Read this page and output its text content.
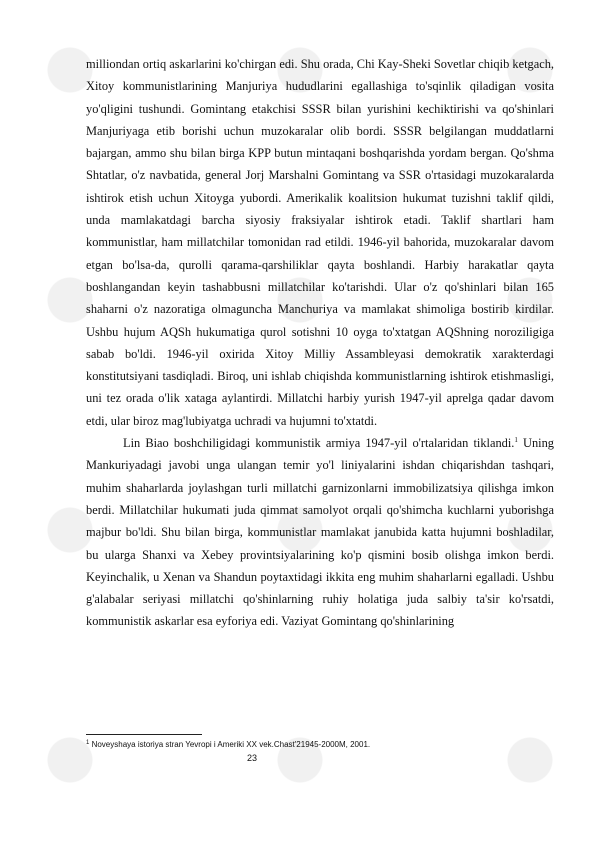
milliondan ortiq askarlarini ko'chirgan edi. Shu orada, Chi Kay-Sheki Sovetlar chiqib ketgach, Xitoy kommunistlarining Manjuriya hududlarini egallashiga to'sqinlik qiladigan vosita yo'qligini tushundi. Gomintang etakchisi SSSR bilan yurishini kechiktirishi va qo'shinlari Manjuriyaga etib borishi uchun muzokaralar olib bordi. SSSR belgilangan muddatlarni bajargan, ammo shu bilan birga KPP butun mintaqani boshqarishda yordam bergan. Qo'shma Shtatlar, o'z navbatida, general Jorj Marshalni Gomintang va SSR o'rtasidagi muzokaralarda ishtirok etish uchun Xitoyga yubordi. Amerikalik koalitsion hukumat tuzishni taklif qildi, unda mamlakatdagi barcha siyosiy fraksiyalar ishtirok etadi. Taklif shartlari ham kommunistlar, ham millatchilar tomonidan rad etildi. 1946-yil bahorida, muzokaralar davom etgan bo'lsa-da, qurolli qarama-qarshiliklar qayta boshlandi. Harbiy harakatlar qayta boshlangandan keyin tashabbusni millatchilar ko'tarishdi. Ular o'z qo'shinlari bilan 165 shaharni o'z nazoratiga olmaguncha Manchuriya va mamlakat shimoliga bostirib kirdilar. Ushbu hujum AQSh hukumatiga qurol sotishni 10 oyga to'xtatgan AQShning noroziligiga sabab bo'ldi. 1946-yil oxirida Xitoy Milliy Assambleyasi demokratik xarakterdagi konstitutsiyani tasdiqladi. Biroq, uni ishlab chiqishda kommunistlarning ishtirok etishmasligi, uni tez orada o'lik xataga aylantirdi. Millatchi harbiy yurish 1947-yil aprelga qadar davom etdi, ular biroz mag'lubiyatga uchradi va hujumni to'xtatdi.

Lin Biao boshchiligidagi kommunistik armiya 1947-yil o'rtalaridan tiklandi.$^1$ Uning Mankuriyadagi javobi unga ulangan temir yo'l liniyalarini ishdan chiqarishdan tashqari, muhim shaharlarda joylashgan turli millatchi garnizonlarni immobilizatsiya qilishga imkon berdi. Millatchilar hukumati juda qimmat samolyot orqali qo'shimcha kuchlarni yuborishga majbur bo'ldi. Shu bilan birga, kommunistlar mamlakat janubida katta hujumni boshladilar, bu ularga Shanxi va Xebey provintsiyalarining ko'p qismini bosib olishga imkon berdi. Keyinchalik, u Xenan va Shandun poytaxtidagi ikkita eng muhim shaharlarni egalladi. Ushbu g'alabalar seriyasi millatchi qo'shinlarning ruhiy holatiga juda salbiy ta'sir ko'rsatdi, kommunistik askarlar esa eyforiya edi. Vaziyat Gomintang qo'shinlarining

$^1$ Noveyshaya istoriya stran Yevropi i Ameriki XX vek.Chast'21945-2000M, 2001.
23
